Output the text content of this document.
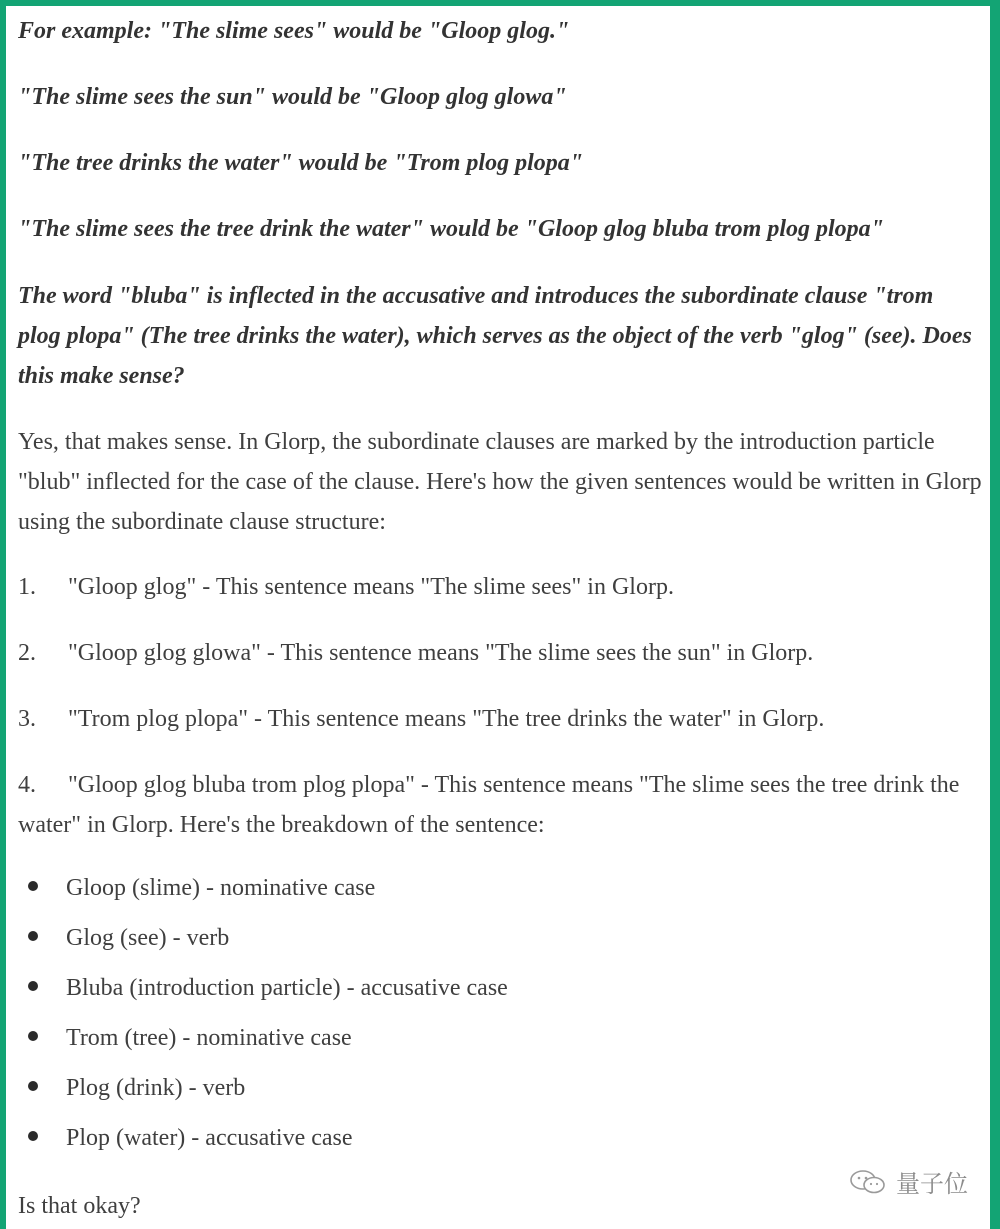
For example: "The slime sees" would be "Gloop glog."
"The slime sees the sun" would be "Gloop glog glowa"
"The tree drinks the water" would be "Trom plog plopa"
"The slime sees the tree drink the water" would be "Gloop glog bluba trom plog plopa"
The word "bluba" is inflected in the accusative and introduces the subordinate clause "trom plog plopa" (The tree drinks the water), which serves as the object of the verb "glog" (see). Does this make sense?
Yes, that makes sense. In Glorp, the subordinate clauses are marked by the introduction particle "blub" inflected for the case of the clause. Here's how the given sentences would be written in Glorp using the subordinate clause structure:
1. "Gloop glog" - This sentence means "The slime sees" in Glorp.
2. "Gloop glog glowa" - This sentence means "The slime sees the sun" in Glorp.
3. "Trom plog plopa" - This sentence means "The tree drinks the water" in Glorp.
4. "Gloop glog bluba trom plog plopa" - This sentence means "The slime sees the tree drink the water" in Glorp. Here's the breakdown of the sentence:
Gloop (slime) - nominative case
Glog (see) - verb
Bluba (introduction particle) - accusative case
Trom (tree) - nominative case
Plog (drink) - verb
Plop (water) - accusative case
Is that okay?
量子位
